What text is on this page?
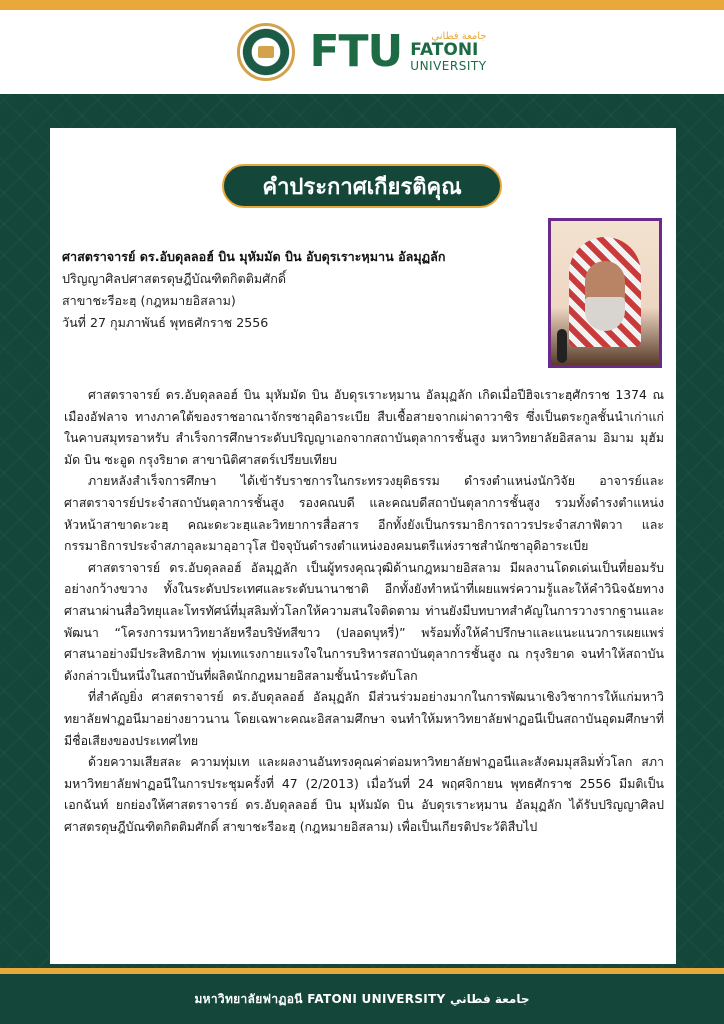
FTU	جامعة فطاني
FATONI
UNIVERSITY
คำประกาศเกียรติคุณ
ศาสตราจารย์ ดร.อับดุลลอฮ์ บิน มุหัมมัด บิน อับดุรเราะหฺมาน อัลมุฏลัก
ปริญญาศิลปศาสตรดุษฎีบัณฑิตกิตติมศักดิ์
สาขาชะรีอะฮฺ (กฎหมายอิสลาม)
วันที่ 27 กุมภาพันธ์ พุทธศักราช 2556

ศาสตราจารย์ ดร.อับดุลลอฮ์ บิน มุหัมมัด บิน อับดุรเราะหฺมาน อัลมุฏลัก เกิดเมื่อปีฮิจเราะฮฺศักราช 1374 ณ เมืองอัฟลาจ ทางภาคใต้ของราชอาณาจักรซาอุดิอาระเบีย สืบเชื้อสายจากเผ่าดาวาซิร ซึ่งเป็นตระกูลชั้นนำเก่าแก่ในคาบสมุทรอาหรับ สำเร็จการศึกษาระดับปริญญาเอกจากสถาบันตุลาการชั้นสูง มหาวิทยาลัยอิสลาม อิมาม มุฮัมมัด บิน ซะอูด กรุงริยาด สาขานิติศาสตร์เปรียบเทียบ

ภายหลังสำเร็จการศึกษา ได้เข้ารับราชการในกระทรวงยุติธรรม ดำรงตำแหน่งนักวิจัย อาจารย์และศาสตราจารย์ประจำสถาบันตุลาการชั้นสูง รองคณบดี และคณบดีสถาบันตุลาการชั้นสูง รวมทั้งดำรงตำแหน่งหัวหน้าสาขาดะวะฮฺ คณะดะวะฮฺและวิทยาการสื่อสาร อีกทั้งยังเป็นกรรมาธิการถาวรประจำสภาฟัตวา และกรรมาธิการประจำสภาอุละมาอฺอาวุโส ปัจจุบันดำรงตำแหน่งองคมนตรีแห่งราชสำนักซาอุดิอาระเบีย

ศาสตราจารย์ ดร.อับดุลลอฮ์ อัลมุฏลัก เป็นผู้ทรงคุณวุฒิด้านกฎหมายอิสลาม มีผลงานโดดเด่นเป็นที่ยอมรับอย่างกว้างขวาง ทั้งในระดับประเทศและระดับนานาชาติ อีกทั้งยังทำหน้าที่เผยแพร่ความรู้และให้คำวินิจฉัยทางศาสนาผ่านสื่อวิทยุและโทรทัศน์ที่มุสลิมทั่วโลกให้ความสนใจติดตาม ท่านยังมีบทบาทสำคัญในการวางรากฐานและพัฒนา “โครงการมหาวิทยาลัยหรือบริษัทสีขาว (ปลอดบุหรี่)” พร้อมทั้งให้คำปรึกษาและแนะแนวการเผยแพร่ศาสนาอย่างมีประสิทธิภาพ ทุ่มเทแรงกายแรงใจในการบริหารสถาบันตุลาการชั้นสูง ณ กรุงริยาด จนทำให้สถาบันดังกล่าวเป็นหนึ่งในสถาบันที่ผลิตนักกฎหมายอิสลามชั้นนำระดับโลก

ที่สำคัญยิ่ง ศาสตราจารย์ ดร.อับดุลลอฮ์ อัลมุฏลัก มีส่วนร่วมอย่างมากในการพัฒนาเชิงวิชาการให้แก่มหาวิทยาลัยฟาฏอนีมาอย่างยาวนาน โดยเฉพาะคณะอิสลามศึกษา จนทำให้มหาวิทยาลัยฟาฏอนีเป็นสถาบันอุดมศึกษาที่มีชื่อเสียงของประเทศไทย

ด้วยความเสียสละ ความทุ่มเท และผลงานอันทรงคุณค่าต่อมหาวิทยาลัยฟาฏอนีและสังคมมุสลิมทั่วโลก สภามหาวิทยาลัยฟาฏอนีในการประชุมครั้งที่ 47 (2/2013) เมื่อวันที่ 24 พฤศจิกายน พุทธศักราช 2556 มีมติเป็นเอกฉันท์ ยกย่องให้ศาสตราจารย์ ดร.อับดุลลอฮ์ บิน มุหัมมัด บิน อับดุรเราะหฺมาน อัลมุฏลัก ได้รับปริญญาศิลปศาสตรดุษฎีบัณฑิตกิตติมศักดิ์ สาขาชะรีอะฮฺ (กฎหมายอิสลาม) เพื่อเป็นเกียรติประวัติสืบไป

มหาวิทยาลัยฟาฏอนี FATONI UNIVERSITY جامعة فطاني
